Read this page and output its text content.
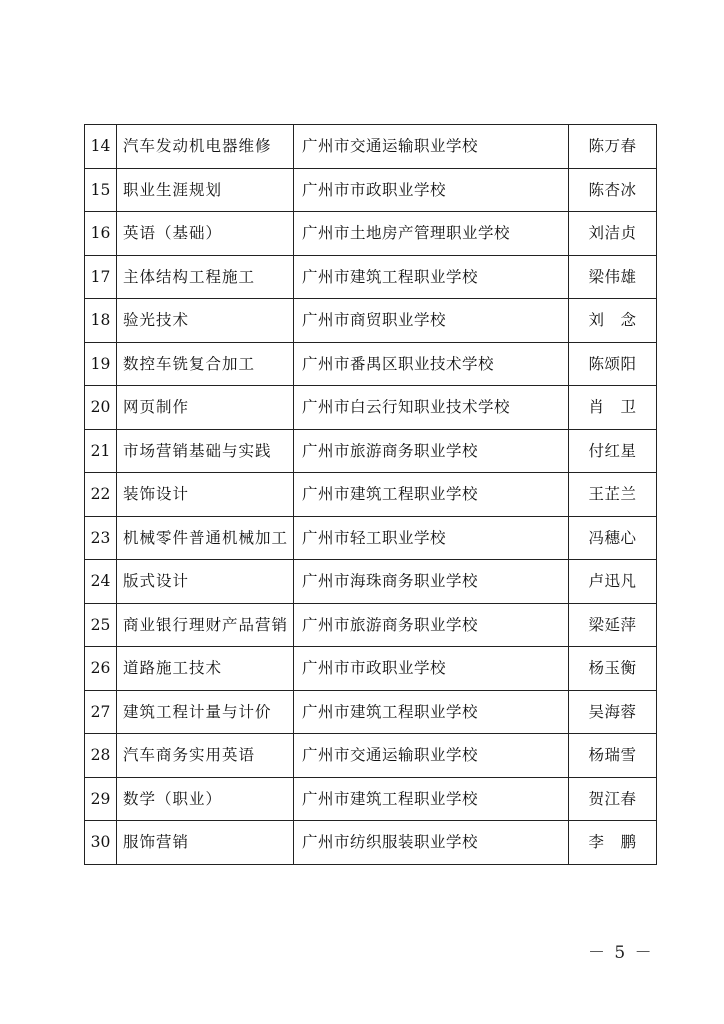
14	汽车发动机电器维修	广州市交通运输职业学校	陈万春
15	职业生涯规划	广州市市政职业学校	陈杏冰
16	英语（基础）	广州市土地房产管理职业学校	刘洁贞
17	主体结构工程施工	广州市建筑工程职业学校	梁伟雄
18	验光技术	广州市商贸职业学校	刘　念
19	数控车铣复合加工	广州市番禺区职业技术学校	陈颂阳
20	网页制作	广州市白云行知职业技术学校	肖　卫
21	市场营销基础与实践	广州市旅游商务职业学校	付红星
22	装饰设计	广州市建筑工程职业学校	王芷兰
23	机械零件普通机械加工	广州市轻工职业学校	冯穗心
24	版式设计	广州市海珠商务职业学校	卢迅凡
25	商业银行理财产品营销	广州市旅游商务职业学校	梁延萍
26	道路施工技术	广州市市政职业学校	杨玉衡
27	建筑工程计量与计价	广州市建筑工程职业学校	吴海蓉
28	汽车商务实用英语	广州市交通运输职业学校	杨瑞雪
29	数学（职业）	广州市建筑工程职业学校	贺江春
30	服饰营销	广州市纺织服装职业学校	李　鹏
－ 5 －
